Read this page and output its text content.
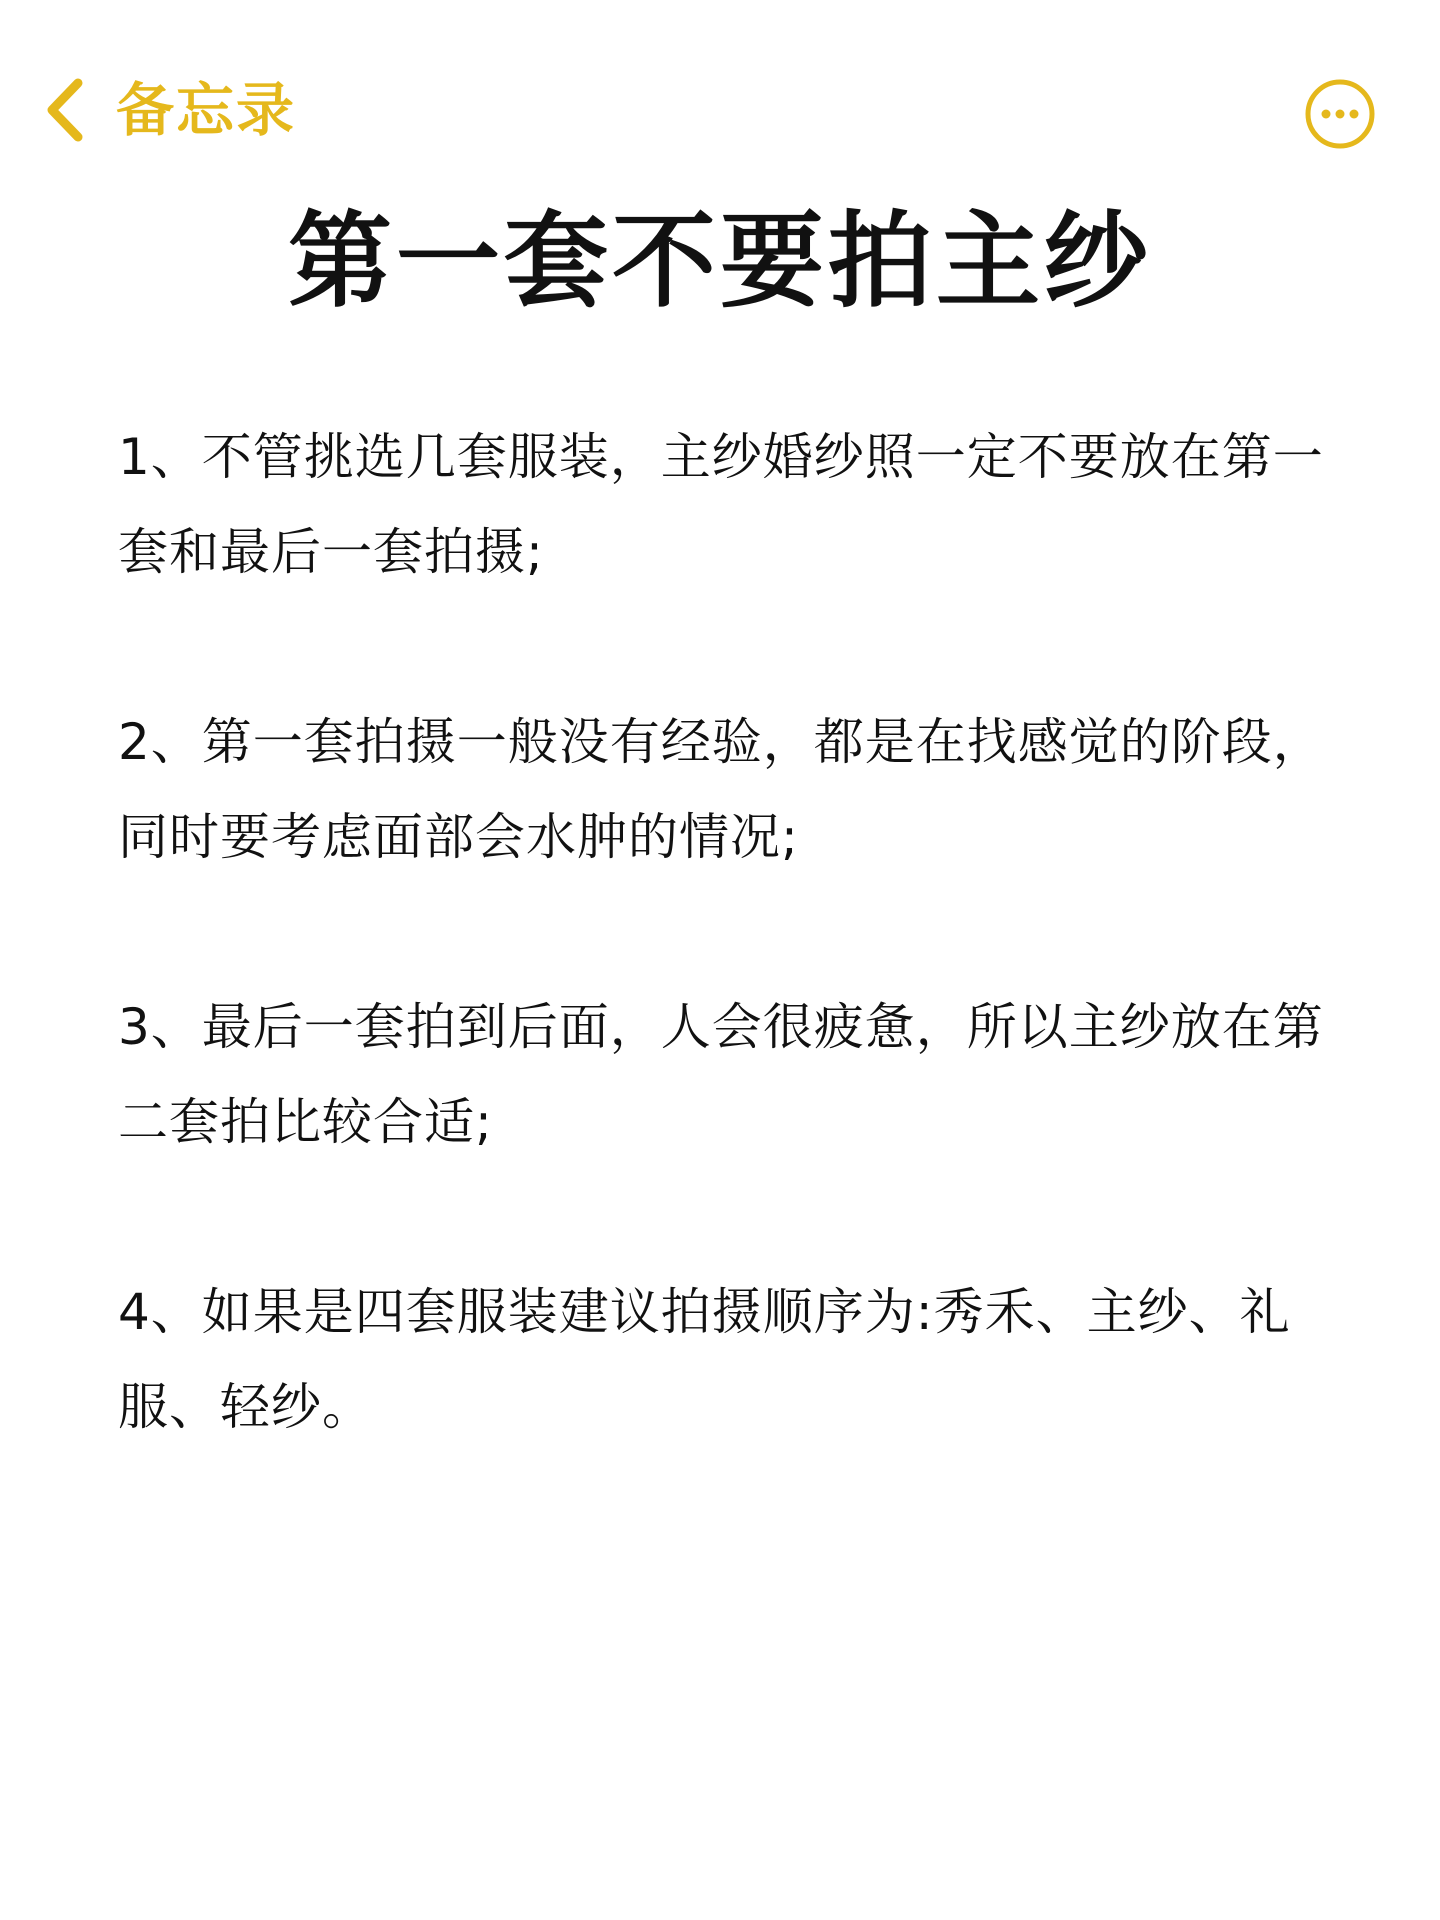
备忘录
第一套不要拍主纱

1、不管挑选几套服装，主纱婚纱照一定不要放在第一套和最后一套拍摄;

2、第一套拍摄一般没有经验，都是在找感觉的阶段，同时要考虑面部会水肿的情况;

3、最后一套拍到后面，人会很疲惫，所以主纱放在第二套拍比较合适;

4、如果是四套服装建议拍摄顺序为:秀禾、主纱、礼服、轻纱。
